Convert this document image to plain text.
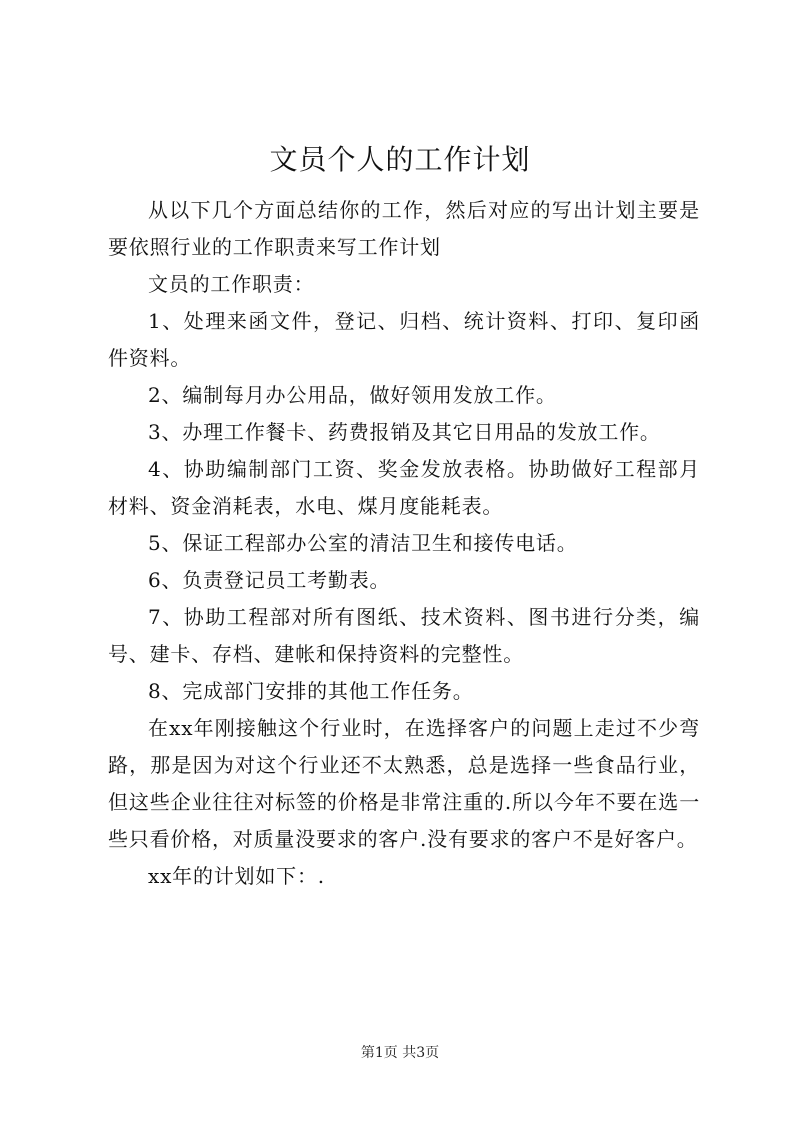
文员个人的工作计划

从以下几个方面总结你的工作，然后对应的写出计划主要是要依照行业的工作职责来写工作计划

文员的工作职责：

1、处理来函文件，登记、归档、统计资料、打印、复印函件资料。

2、编制每月办公用品，做好领用发放工作。

3、办理工作餐卡、药费报销及其它日用品的发放工作。

4、协助编制部门工资、奖金发放表格。协助做好工程部月材料、资金消耗表，水电、煤月度能耗表。

5、保证工程部办公室的清洁卫生和接传电话。

6、负责登记员工考勤表。

7、协助工程部对所有图纸、技术资料、图书进行分类，编号、建卡、存档、建帐和保持资料的完整性。

8、完成部门安排的其他工作任务。

在xx年刚接触这个行业时，在选择客户的问题上走过不少弯路，那是因为对这个行业还不太熟悉，总是选择一些食品行业，但这些企业往往对标签的价格是非常注重的.所以今年不要在选一些只看价格，对质量没要求的客户.没有要求的客户不是好客户。

xx年的计划如下：.

第1页 共3页
